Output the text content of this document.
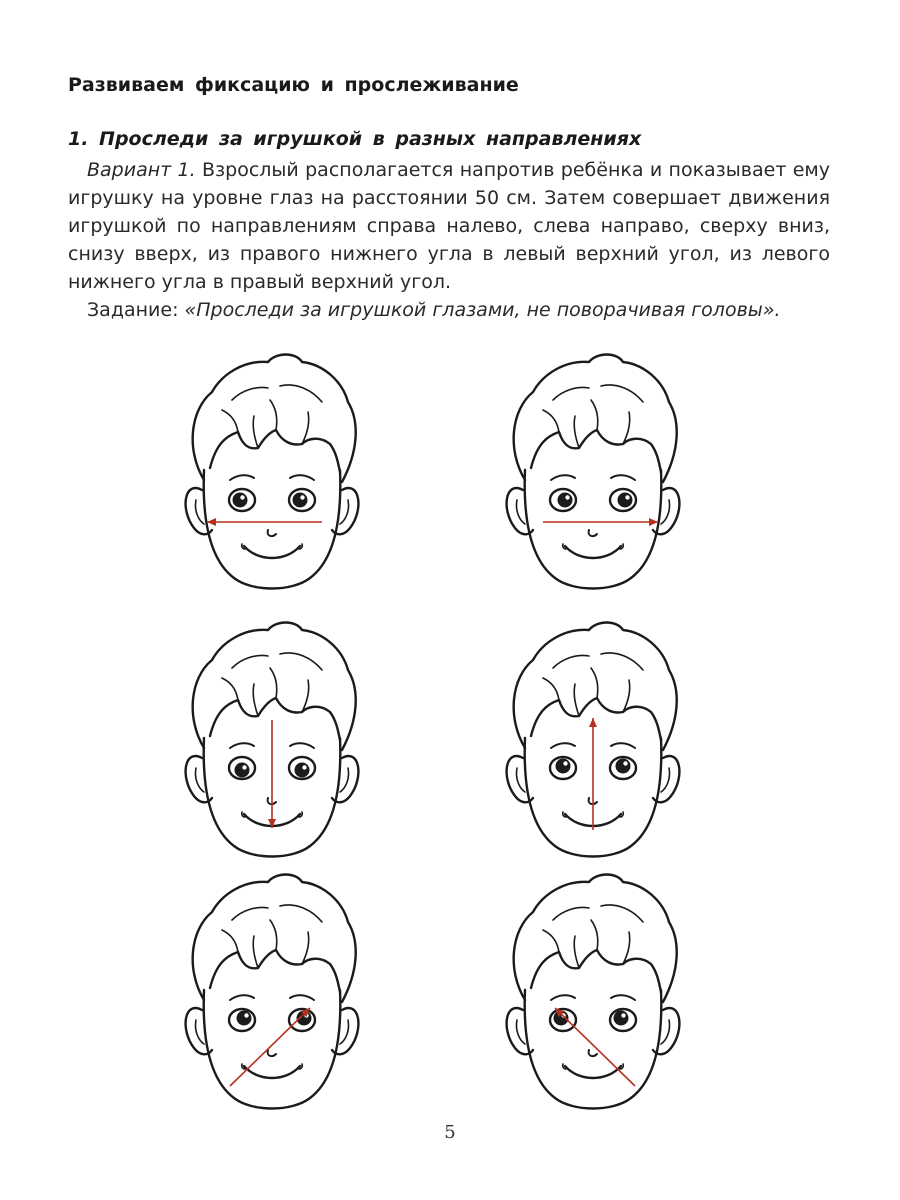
Развиваем фиксацию и прослеживание
1. Проследи за игрушкой в разных направлениях

 Вариант 1. Взрослый располагается напротив ребёнка и показывает ему игрушку на уровне глаз на расстоянии 50 см. Затем совершает движения игрушкой по направлениям справа налево, слева направо, сверху вниз, снизу вверх, из правого нижнего угла в левый верхний угол, из левого нижнего угла в правый верхний угол.

 Задание: «Проследи за игрушкой глазами, не поворачивая головы».

5
